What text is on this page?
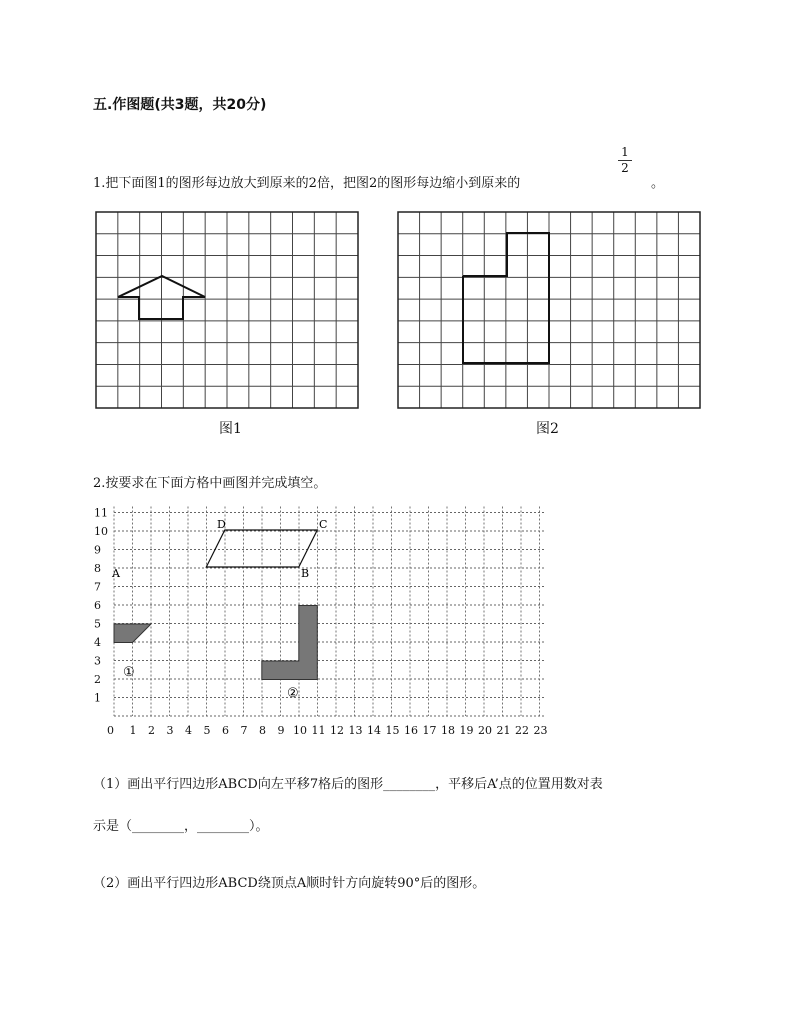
五.作图题(共3题，共20分)
1.把下面图1的图形每边放大到原来的2倍，把图2的图形每边缩小到原来的
1
2
。
图1	图2
2.按要求在下面方格中画图并完成填空。
1
2
3
4
5
6
7
8
9
10
11
0 1 2 3 4 5 6 7 8 9 10 11 12 13 14 15 16 17 18 19 20 21 22 23
A	B
C
D
①
②
（1）画出平行四边形ABCD向左平移7格后的图形________，平移后A’点的位置用数对表
示是（________，________）。
（2）画出平行四边形ABCD绕顶点A顺时针方向旋转90°后的图形。
